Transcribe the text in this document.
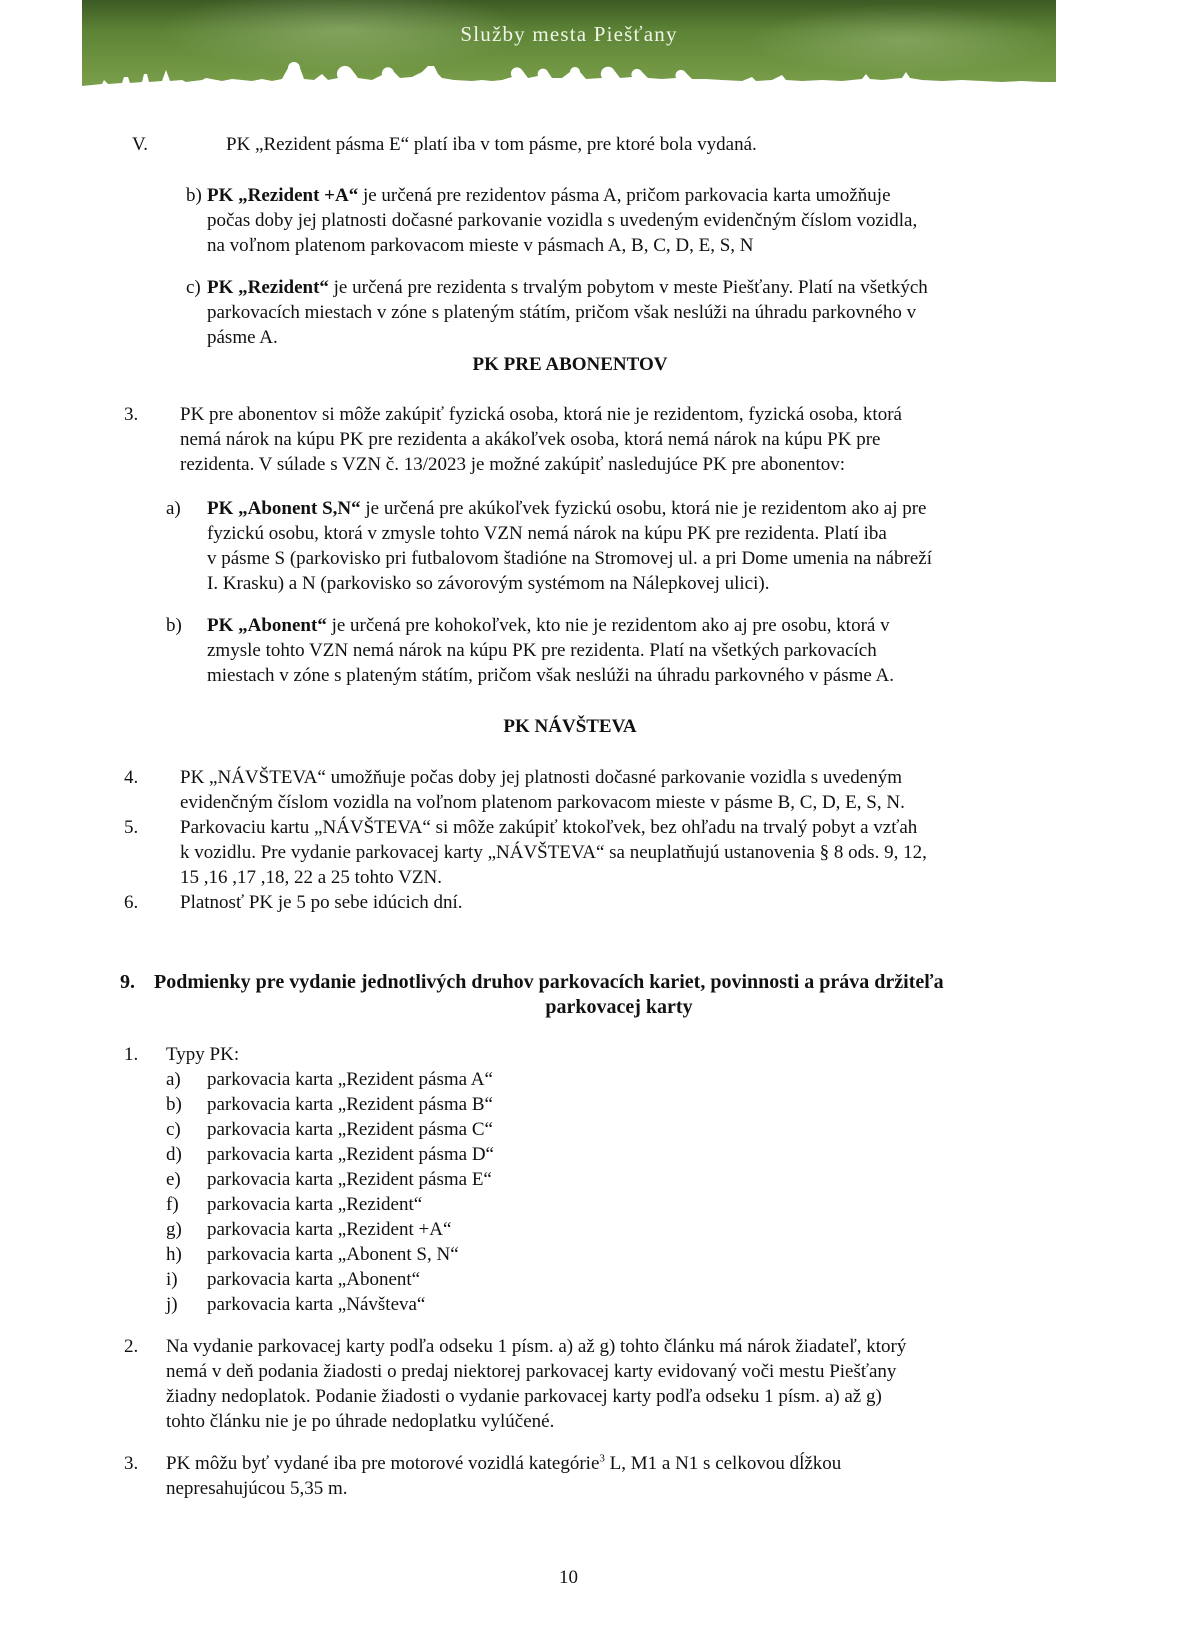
Služby mesta Piešťany
V.	PK „Rezident pásma E“ platí iba v tom pásme, pre ktoré bola vydaná.
b) PK „Rezident +A“ je určená pre rezidentov pásma A, pričom parkovacia karta umožňuje
počas doby jej platnosti dočasné parkovanie vozidla s uvedeným evidenčným číslom vozidla,
na voľnom platenom parkovacom mieste v pásmach A, B, C, D, E, S, N
c) PK „Rezident“ je určená pre rezidenta s trvalým pobytom v meste Piešťany. Platí na všetkých
parkovacích miestach v zóne s plateným státím, pričom však neslúži na úhradu parkovného v
pásme A.
PK PRE ABONENTOV
3. PK pre abonentov si môže zakúpiť fyzická osoba, ktorá nie je rezidentom, fyzická osoba, ktorá
nemá nárok na kúpu PK pre rezidenta a akákoľvek osoba, ktorá nemá nárok na kúpu PK pre
rezidenta. V súlade s VZN č. 13/2023 je možné zakúpiť nasledujúce PK pre abonentov:
a) PK „Abonent S,N“ je určená pre akúkoľvek fyzickú osobu, ktorá nie je rezidentom ako aj pre
fyzickú osobu, ktorá v zmysle tohto VZN nemá nárok na kúpu PK pre rezidenta. Platí iba
v pásme S (parkovisko pri futbalovom štadióne na Stromovej ul. a pri Dome umenia na nábreží
I. Krasku) a N (parkovisko so závorovým systémom na Nálepkovej ulici).
b) PK „Abonent“ je určená pre kohokoľvek, kto nie je rezidentom ako aj pre osobu, ktorá v
zmysle tohto VZN nemá nárok na kúpu PK pre rezidenta. Platí na všetkých parkovacích
miestach v zóne s plateným státím, pričom však neslúži na úhradu parkovného v pásme A.
PK NÁVŠTEVA
4. PK „NÁVŠTEVA“ umožňuje počas doby jej platnosti dočasné parkovanie vozidla s uvedeným
evidenčným číslom vozidla na voľnom platenom parkovacom mieste v pásme B, C, D, E, S, N.
5. Parkovaciu kartu „NÁVŠTEVA“ si môže zakúpiť ktokoľvek, bez ohľadu na trvalý pobyt a vzťah
k vozidlu. Pre vydanie parkovacej karty „NÁVŠTEVA“ sa neuplatňujú ustanovenia § 8 ods. 9, 12,
15 ,16 ,17 ,18, 22 a 25 tohto VZN.
6. Platnosť PK je 5 po sebe idúcich dní.
9. Podmienky pre vydanie jednotlivých druhov parkovacích kariet, povinnosti a práva držiteľa
parkovacej karty
1. Typy PK:
a) parkovacia karta „Rezident pásma A“
b) parkovacia karta „Rezident pásma B“
c) parkovacia karta „Rezident pásma C“
d) parkovacia karta „Rezident pásma D“
e) parkovacia karta „Rezident pásma E“
f) parkovacia karta „Rezident“
g) parkovacia karta „Rezident +A“
h) parkovacia karta „Abonent S, N“
i) parkovacia karta „Abonent“
j) parkovacia karta „Návšteva“
2. Na vydanie parkovacej karty podľa odseku 1 písm. a) až g) tohto článku má nárok žiadateľ, ktorý
nemá v deň podania žiadosti o predaj niektorej parkovacej karty evidovaný voči mestu Piešťany
žiadny nedoplatok. Podanie žiadosti o vydanie parkovacej karty podľa odseku 1 písm. a) až g)
tohto článku nie je po úhrade nedoplatku vylúčené.
3. PK môžu byť vydané iba pre motorové vozidlá kategórie$^3$ L, M1 a N1 s celkovou dĺžkou
nepresahujúcou 5,35 m.
10
